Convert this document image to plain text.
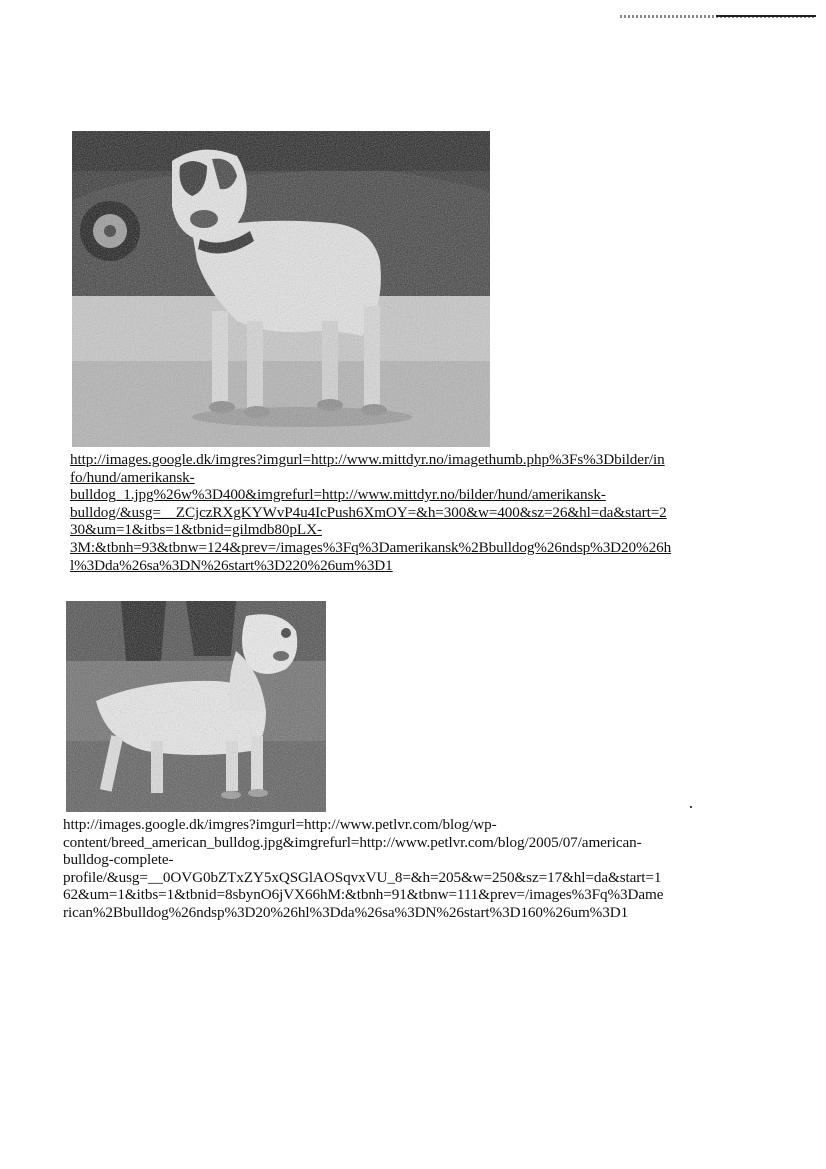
http://images.google.dk/imgres?imgurl=http://www.mittdyr.no/imagethumb.php%3Fs%3Dbilder/in
fo/hund/amerikansk-
bulldog_1.jpg%26w%3D400&imgrefurl=http://www.mittdyr.no/bilder/hund/amerikansk-
bulldog/&usg=__ZCjczRXgKYWvP4u4IcPush6XmOY=&h=300&w=400&sz=26&hl=da&start=2
30&um=1&itbs=1&tbnid=gilmdb80pLX-
3M:&tbnh=93&tbnw=124&prev=/images%3Fq%3Damerikansk%2Bbulldog%26ndsp%3D20%26h
l%3Dda%26sa%3DN%26start%3D220%26um%3D1
http://images.google.dk/imgres?imgurl=http://www.petlvr.com/blog/wp-
content/breed_american_bulldog.jpg&imgrefurl=http://www.petlvr.com/blog/2005/07/american-
bulldog-complete-
profile/&usg=__0OVG0bZTxZY5xQSGlAOSqvxVU_8=&h=205&w=250&sz=17&hl=da&start=1
62&um=1&itbs=1&tbnid=8sbynO6jVX66hM:&tbnh=91&tbnw=111&prev=/images%3Fq%3Dame
rican%2Bbulldog%26ndsp%3D20%26hl%3Dda%26sa%3DN%26start%3D160%26um%3D1
